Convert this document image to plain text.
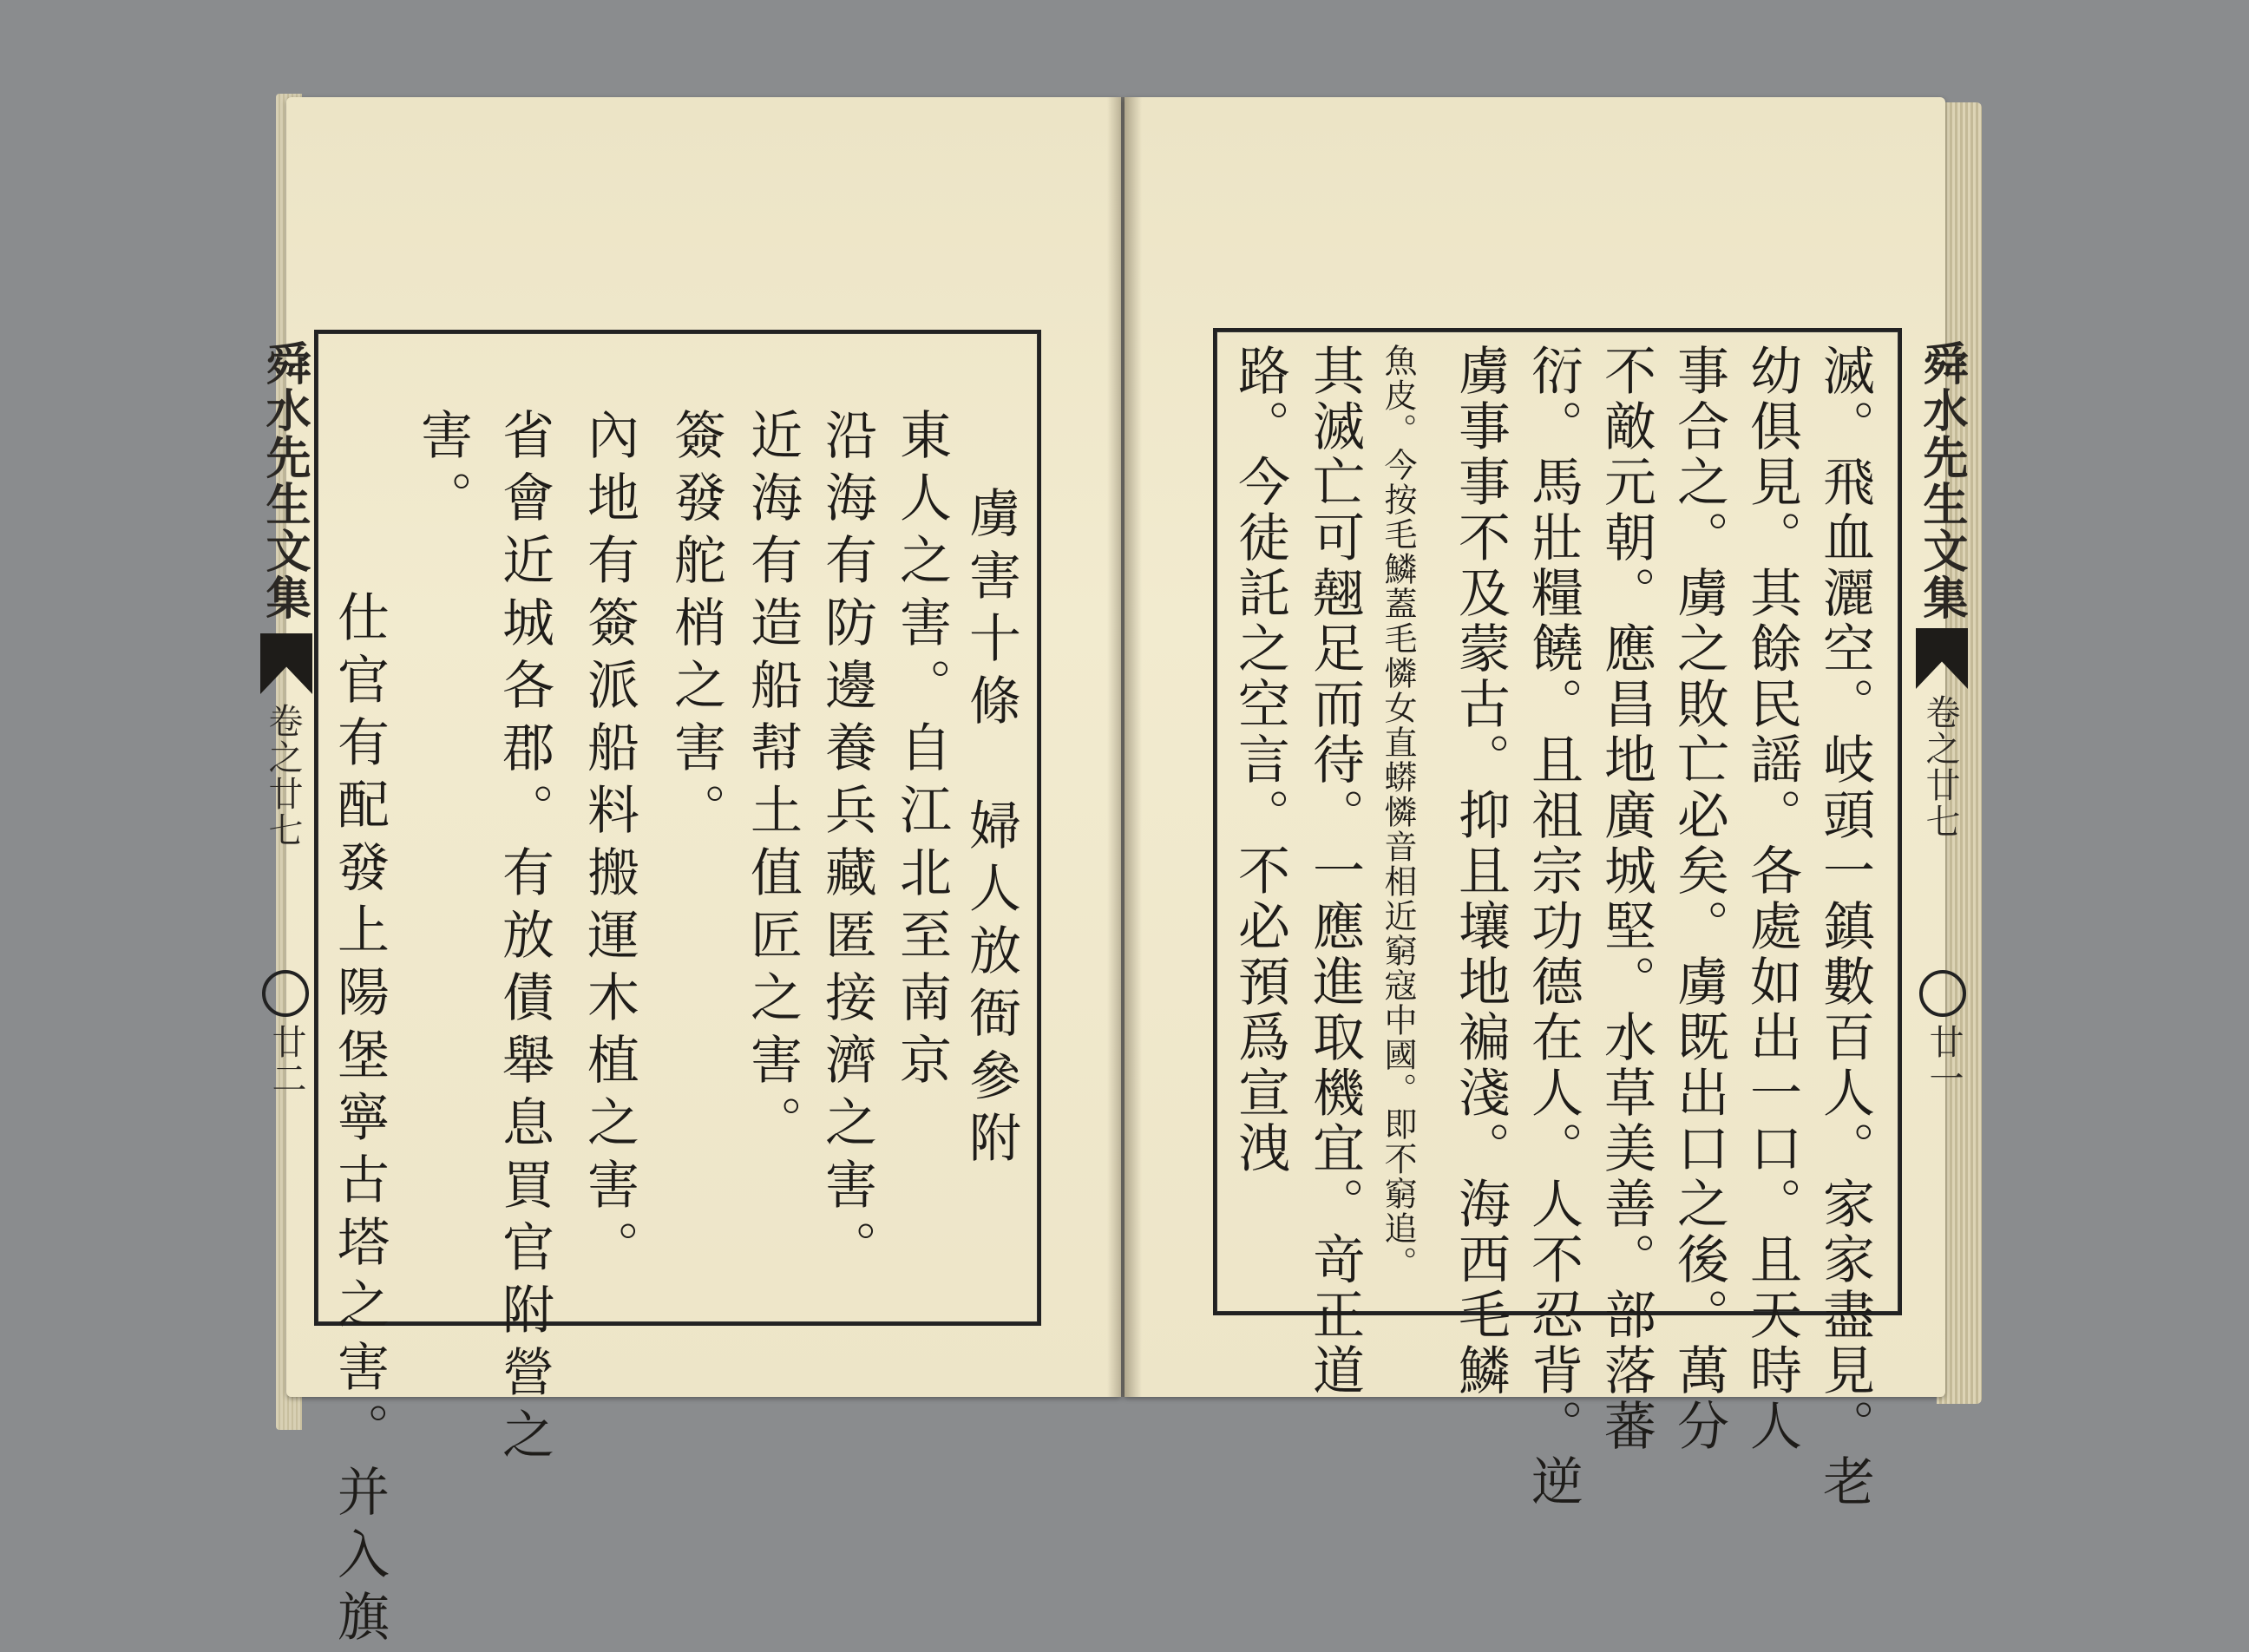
舜水先生文集
卷之廿七
廿二
舜水先生文集
卷之廿七
廿一
虜害十條　婦人放衙參附
東人之害。自江北至南京
沿海有防邊養兵藏匿接濟之害。
近海有造船幇土值匠之害。
簽發舵梢之害。
內地有簽派船料搬運木植之害。
省會近城各郡。有放債舉息買官附營之
害。
仕官有配發上陽堡寧古塔之害。并入旗	滅。飛血灑空。岐頭一鎮數百人。家家盡見。老
幼俱見。其餘民謡。各處如出一口。且天時人
事合之。虜之敗亡必矣。虜既出口之後。萬分
不敵元朝。應昌地廣城堅。水草美善。部落蕃
衍。馬壯糧饒。且祖宗功德在人。人不忍背。逆
虜事事不及蒙古。抑且壤地褊淺。海西毛鱗
魚皮。今按毛鱗蓋毛憐女直蟒憐音相近窮寇中國。即不窮追。
其滅亡可翹足而待。一應進取機宜。竒正道
路。今徒託之空言。不必預爲宣洩
